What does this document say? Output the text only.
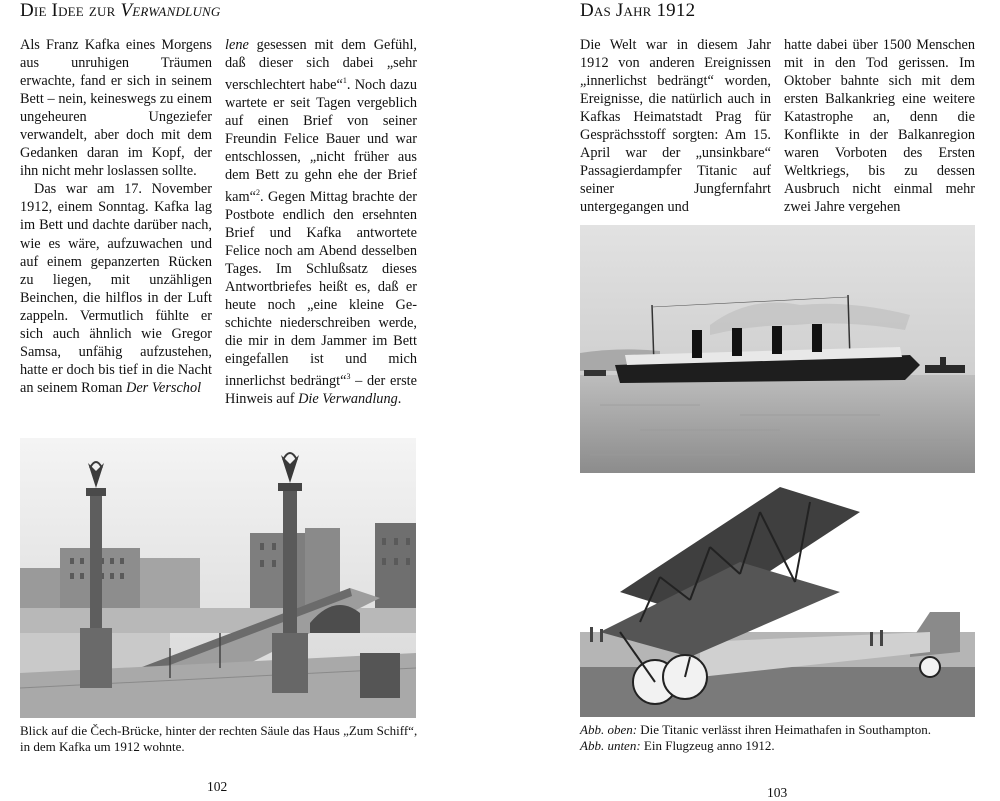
Die Idee zur Verwandlung

Als Franz Kafka eines Morgens aus unruhigen Träumen erwachte, fand er sich in seinem Bett – nein, keineswegs zu einem ungeheuren Ungeziefer verwandelt, aber doch mit dem Gedanken daran im Kopf, der ihn nicht mehr loslassen sollte.

Das war am 17. November 1912, einem Sonntag. Kafka lag im Bett und dachte darüber nach, wie es wäre, aufzuwachen und auf einem gepanzerten Rücken zu liegen, mit unzähligen Beinchen, die hilflos in der Luft zappeln. Vermutlich fühlte er sich auch ähnlich wie Gregor Samsa, unfähig aufzustehen, hatte er doch bis tief in die Nacht an seinem Roman Der Verschol

lene gesessen mit dem Gefühl, daß dieser sich dabei „sehr verschlechtert habe“$^1$. Noch dazu wartete er seit Tagen vergeblich auf einen Brief von seiner Freundin Felice Bauer und war entschlossen, „nicht früher aus dem Bett zu gehn ehe der Brief kam“$^2$. Gegen Mittag brachte der Postbote endlich den ersehnten Brief und Kafka antwortete Felice noch am Abend desselben Tages. Im Schlußsatz dieses Antwortbriefes heißt es, daß er heute noch „eine kleine Geschichte niederschreiben werde, die mir in dem Jammer im Bett eingefallen ist und mich innerlichst bedrängt“$^3$ – der erste Hinweis auf Die Verwandlung.

Blick auf die Čech-Brücke, hinter der rechten Säule das Haus „Zum Schiff“, in dem Kafka um 1912 wohnte.
102
Das Jahr 1912

Die Welt war in diesem Jahr 1912 von anderen Ereignissen „innerlichst bedrängt“ worden, Ereignisse, die natürlich auch in Kafkas Heimatstadt Prag für Gesprächsstoff sorgten: Am 15. April war der „unsinkbare“ Passagierdampfer Titanic auf seiner Jungfernfahrt untergegangen und

hatte dabei über 1500 Menschen mit in den Tod gerissen. Im Oktober bahnte sich mit dem ersten Balkankrieg eine weitere Katastrophe an, denn die Konflikte in der Balkanregion waren Vorboten des Ersten Weltkriegs, bis zu dessen Ausbruch nicht einmal mehr zwei Jahre vergehen

Abb. oben: Die Titanic verlässt ihren Heimathafen in Southampton.
Abb. unten: Ein Flugzeug anno 1912.
103
